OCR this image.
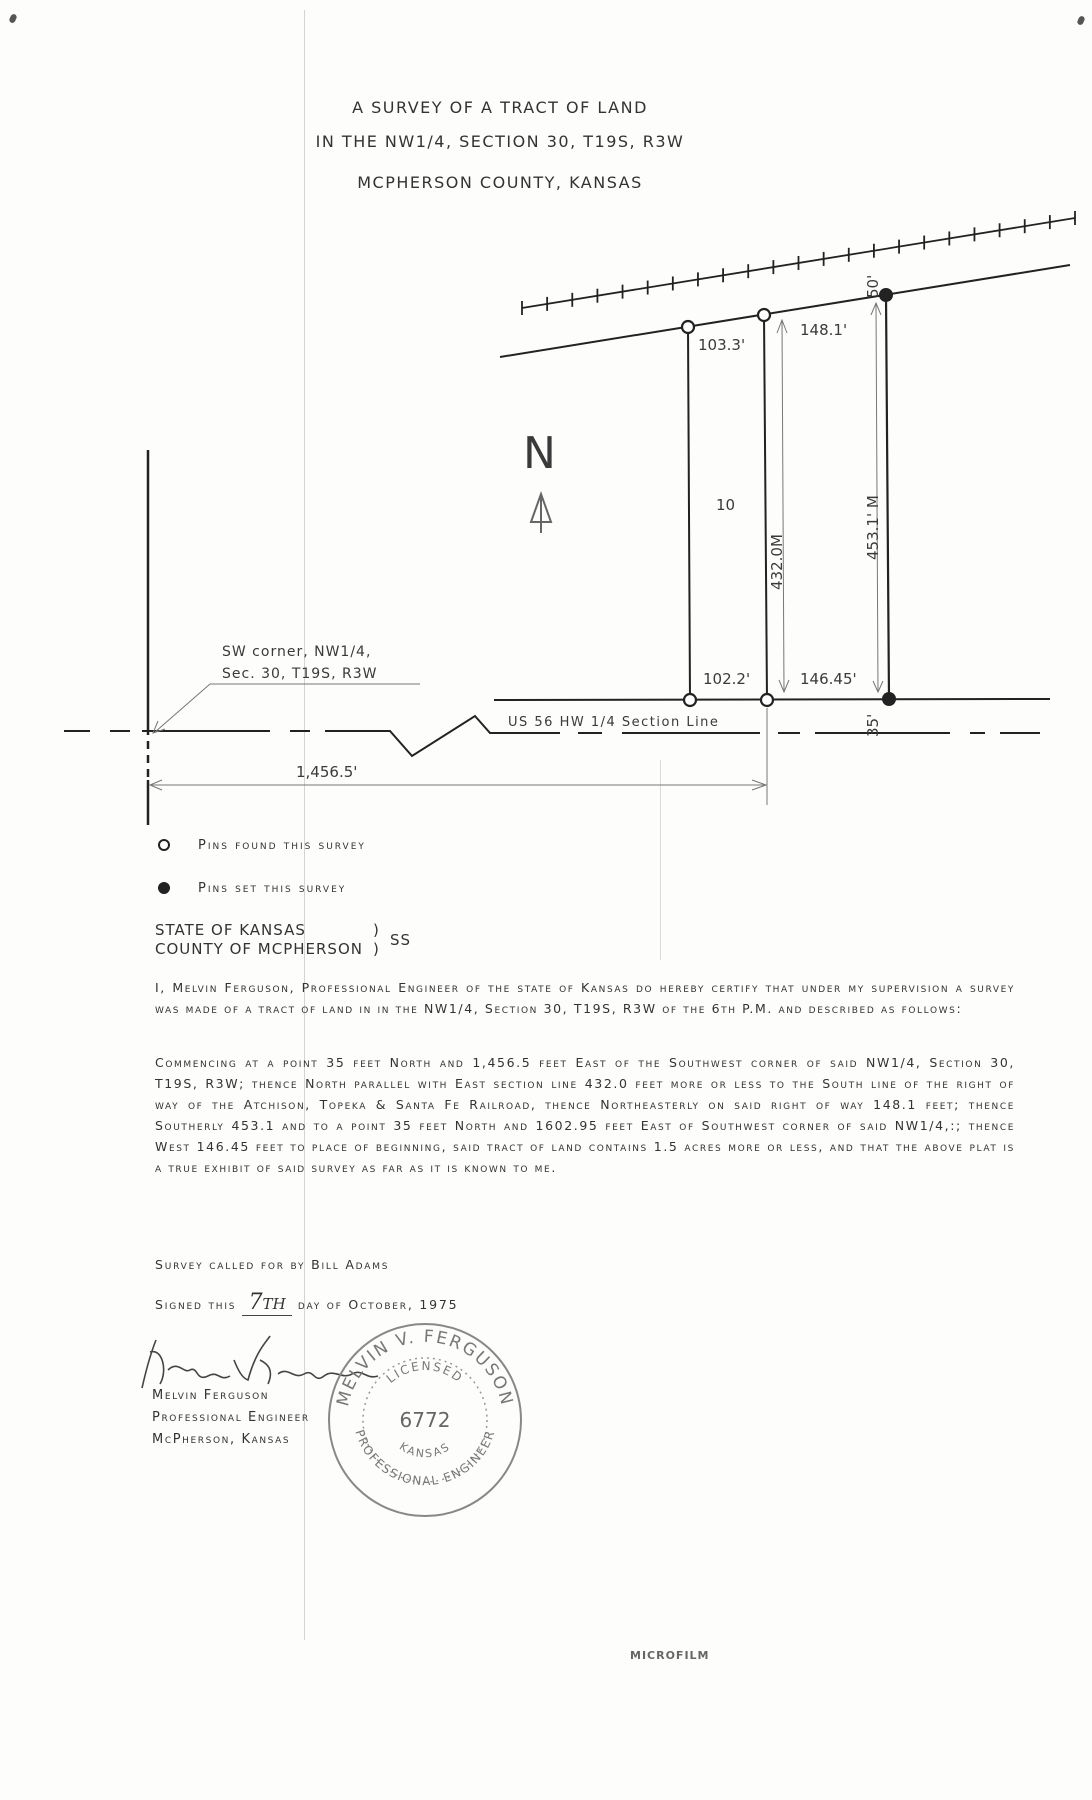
A SURVEY OF A TRACT OF LAND
IN THE NW1/4, SECTION 30, T19S, R3W
MCPHERSON COUNTY, KANSAS
N
103.3'
148.1'
50'
10
432.0M
453.1' M
102.2'	146.45'
35'
1,456.5'
US 56 HW 1/4 Section Line
SW corner, NW1/4,
Sec. 30, T19S, R3W
Pins found this survey
Pins set this survey
STATE OF KANSAS
COUNTY OF MCPHERSON
)
) SS
I, Melvin Ferguson, Professional Engineer of the state of Kansas do hereby certify that under my supervision a survey was made of a tract of land in in the NW1/4, Section 30, T19S, R3W of the 6th P.M. and described as follows:
Commencing at a point 35 feet North and 1,456.5 feet East of the Southwest corner of said NW1/4, Section 30, T19S, R3W; thence North parallel with East section line 432.0 feet more or less to the South line of the right of way of the Atchison, Topeka & Santa Fe Railroad, thence Northeasterly on said right of way 148.1 feet; thence Southerly 453.1 and to a point 35 feet North and 1602.95 feet East of Southwest corner of said NW1/4,:; thence West 146.45 feet to place of beginning, said tract of land contains 1.5 acres more or less, and that the above plat is a true exhibit of said survey as far as it is known to me.
Survey called for by Bill Adams
Signed this 7th day of October, 1975
Melvin Ferguson
Professional Engineer
McPherson, Kansas
MELVIN V. FERGUSON
LICENSED
6772
KANSAS
PROFESSIONAL ENGINEER
MICROFILM
